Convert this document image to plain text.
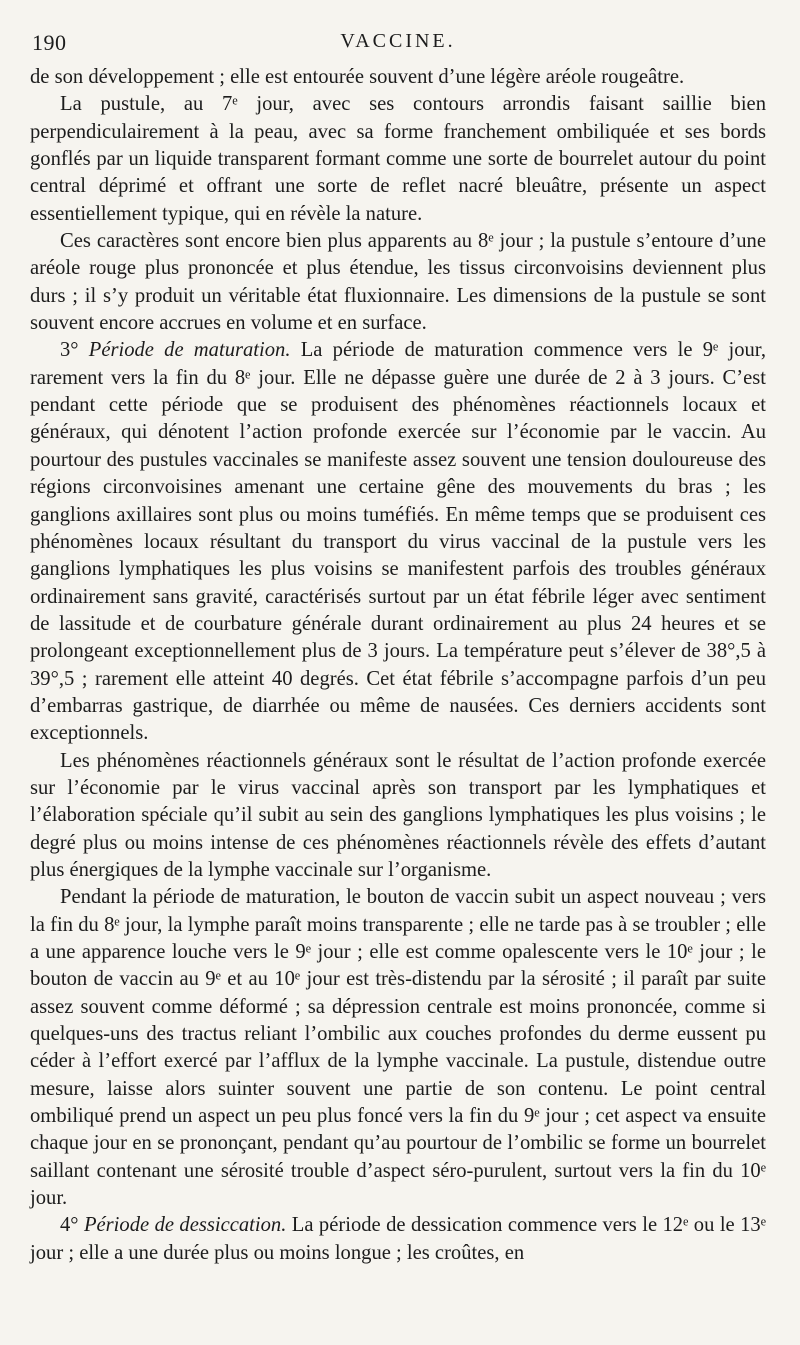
190	VACCINE.

de son développement ; elle est entourée souvent d’une légère aréole rougeâtre.

La pustule, au 7ᵉ jour, avec ses contours arrondis faisant saillie bien perpendiculairement à la peau, avec sa forme franchement ombiliquée et ses bords gonflés par un liquide transparent formant comme une sorte de bourrelet autour du point central déprimé et offrant une sorte de reflet nacré bleuâtre, présente un aspect essentiellement typique, qui en révèle la nature.

Ces caractères sont encore bien plus apparents au 8ᵉ jour ; la pustule s’entoure d’une aréole rouge plus prononcée et plus étendue, les tissus circonvoisins deviennent plus durs ; il s’y produit un véritable état fluxionnaire. Les dimensions de la pustule se sont souvent encore accrues en volume et en surface.

3° Période de maturation. La période de maturation commence vers le 9ᵉ jour, rarement vers la fin du 8ᵉ jour. Elle ne dépasse guère une durée de 2 à 3 jours. C’est pendant cette période que se produisent des phénomènes réactionnels locaux et généraux, qui dénotent l’action profonde exercée sur l’économie par le vaccin. Au pourtour des pustules vaccinales se manifeste assez souvent une tension douloureuse des régions circonvoisines amenant une certaine gêne des mouvements du bras ; les ganglions axillaires sont plus ou moins tuméfiés. En même temps que se produisent ces phénomènes locaux résultant du transport du virus vaccinal de la pustule vers les ganglions lymphatiques les plus voisins se manifestent parfois des troubles généraux ordinairement sans gravité, caractérisés surtout par un état fébrile léger avec sentiment de lassitude et de courbature générale durant ordinairement au plus 24 heures et se prolongeant exceptionnellement plus de 3 jours. La température peut s’élever de 38°,5 à 39°,5 ; rarement elle atteint 40 degrés. Cet état fébrile s’accompagne parfois d’un peu d’embarras gastrique, de diarrhée ou même de nausées. Ces derniers accidents sont exceptionnels.

Les phénomènes réactionnels généraux sont le résultat de l’action profonde exercée sur l’économie par le virus vaccinal après son transport par les lymphatiques et l’élaboration spéciale qu’il subit au sein des ganglions lymphatiques les plus voisins ; le degré plus ou moins intense de ces phénomènes réactionnels révèle des effets d’autant plus énergiques de la lymphe vaccinale sur l’organisme.

Pendant la période de maturation, le bouton de vaccin subit un aspect nouveau ; vers la fin du 8ᵉ jour, la lymphe paraît moins transparente ; elle ne tarde pas à se troubler ; elle a une apparence louche vers le 9ᵉ jour ; elle est comme opalescente vers le 10ᵉ jour ; le bouton de vaccin au 9ᵉ et au 10ᵉ jour est très-distendu par la sérosité ; il paraît par suite assez souvent comme déformé ; sa dépression centrale est moins prononcée, comme si quelques-uns des tractus reliant l’ombilic aux couches profondes du derme eussent pu céder à l’effort exercé par l’afflux de la lymphe vaccinale. La pustule, distendue outre mesure, laisse alors suinter souvent une partie de son contenu. Le point central ombiliqué prend un aspect un peu plus foncé vers la fin du 9ᵉ jour ; cet aspect va ensuite chaque jour en se prononçant, pendant qu’au pourtour de l’ombilic se forme un bourrelet saillant contenant une sérosité trouble d’aspect séro-purulent, surtout vers la fin du 10ᵉ jour.

4° Période de dessiccation. La période de dessication commence vers le 12ᵉ ou le 13ᵉ jour ; elle a une durée plus ou moins longue ; les croûtes, en
